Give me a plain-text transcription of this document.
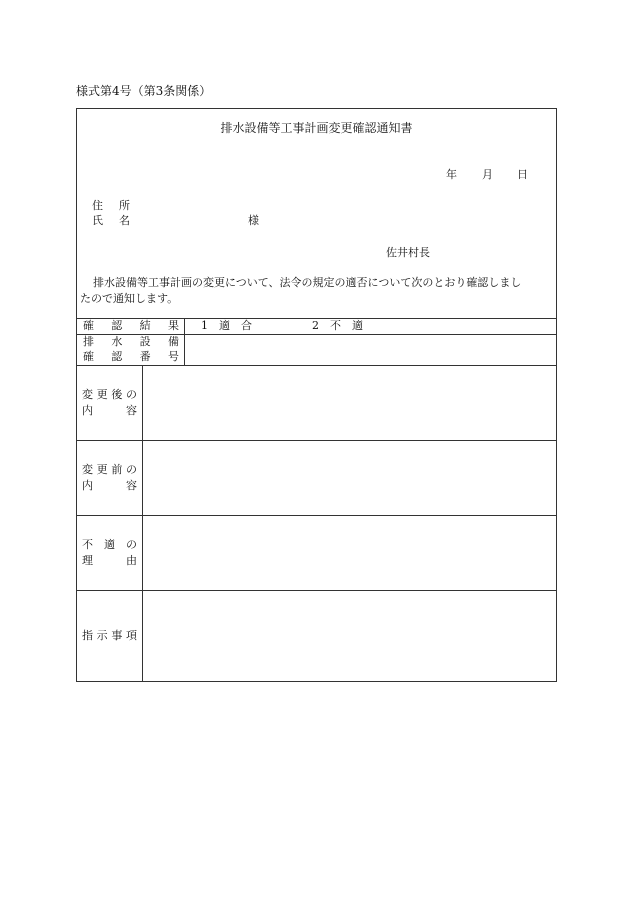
様式第4号（第3条関係）
排水設備等工事計画変更確認通知書
年 月 日
住 所
氏 名	様
佐井村長
排水設備等工事計画の変更について、法令の規定の適否について次のとおり確認しまし
たので通知します。
確 認 結 果 1　適　合	2　不　適
排 水 設 備
確 認 番 号
変 更 後 の
内	容
変 更 前 の
内	容
不 適 の
理	由
指 示 事 項
